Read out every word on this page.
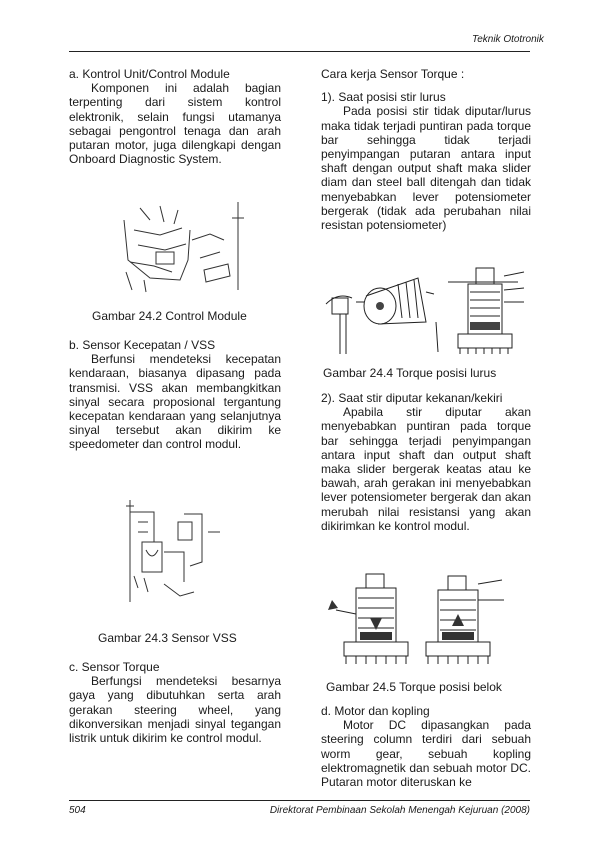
Teknik Ototronik

a. Kontrol Unit/Control Module

Komponen ini adalah bagian terpenting dari sistem kontrol elektronik, selain fungsi utamanya sebagai pengontrol tenaga dan arah putaran motor, juga dilengkapi dengan Onboard Diagnostic System.

Gambar 24.2 Control Module

b. Sensor Kecepatan / VSS

Berfunsi mendeteksi kecepatan kendaraan, biasanya dipasang pada transmisi. VSS akan membangkitkan sinyal secara proposional tergantung kecepatan kendaraan yang selanjutnya sinyal tersebut akan dikirim ke speedometer dan control modul.

Gambar 24.3 Sensor VSS

c. Sensor Torque

Berfungsi mendeteksi besarnya gaya yang dibutuhkan serta arah gerakan steering wheel, yang dikonversikan menjadi sinyal tegangan listrik untuk dikirim ke control modul.

Cara kerja Sensor Torque :

1). Saat posisi stir lurus

Pada posisi stir tidak diputar/lurus maka tidak terjadi puntiran pada torque bar sehingga tidak terjadi penyimpangan putaran antara input shaft dengan output shaft maka slider diam dan steel ball ditengah dan tidak menyebabkan lever potensiometer bergerak (tidak ada perubahan nilai resistan potensiometer)

Gambar 24.4 Torque posisi lurus

2). Saat stir diputar kekanan/kekiri

Apabila stir diputar akan menyebabkan puntiran pada torque bar sehingga terjadi penyimpangan antara input shaft dan output shaft maka slider bergerak keatas atau ke bawah, arah gerakan ini menyebabkan lever potensiometer bergerak dan akan merubah nilai resistansi yang akan dikirimkan ke kontrol modul.

Gambar 24.5 Torque posisi belok

d. Motor dan kopling

Motor DC dipasangkan pada steering column terdiri dari sebuah worm gear, sebuah kopling elektromagnetik dan sebuah motor DC. Putaran motor diteruskan ke

504	Direktorat Pembinaan Sekolah Menengah Kejuruan (2008)
